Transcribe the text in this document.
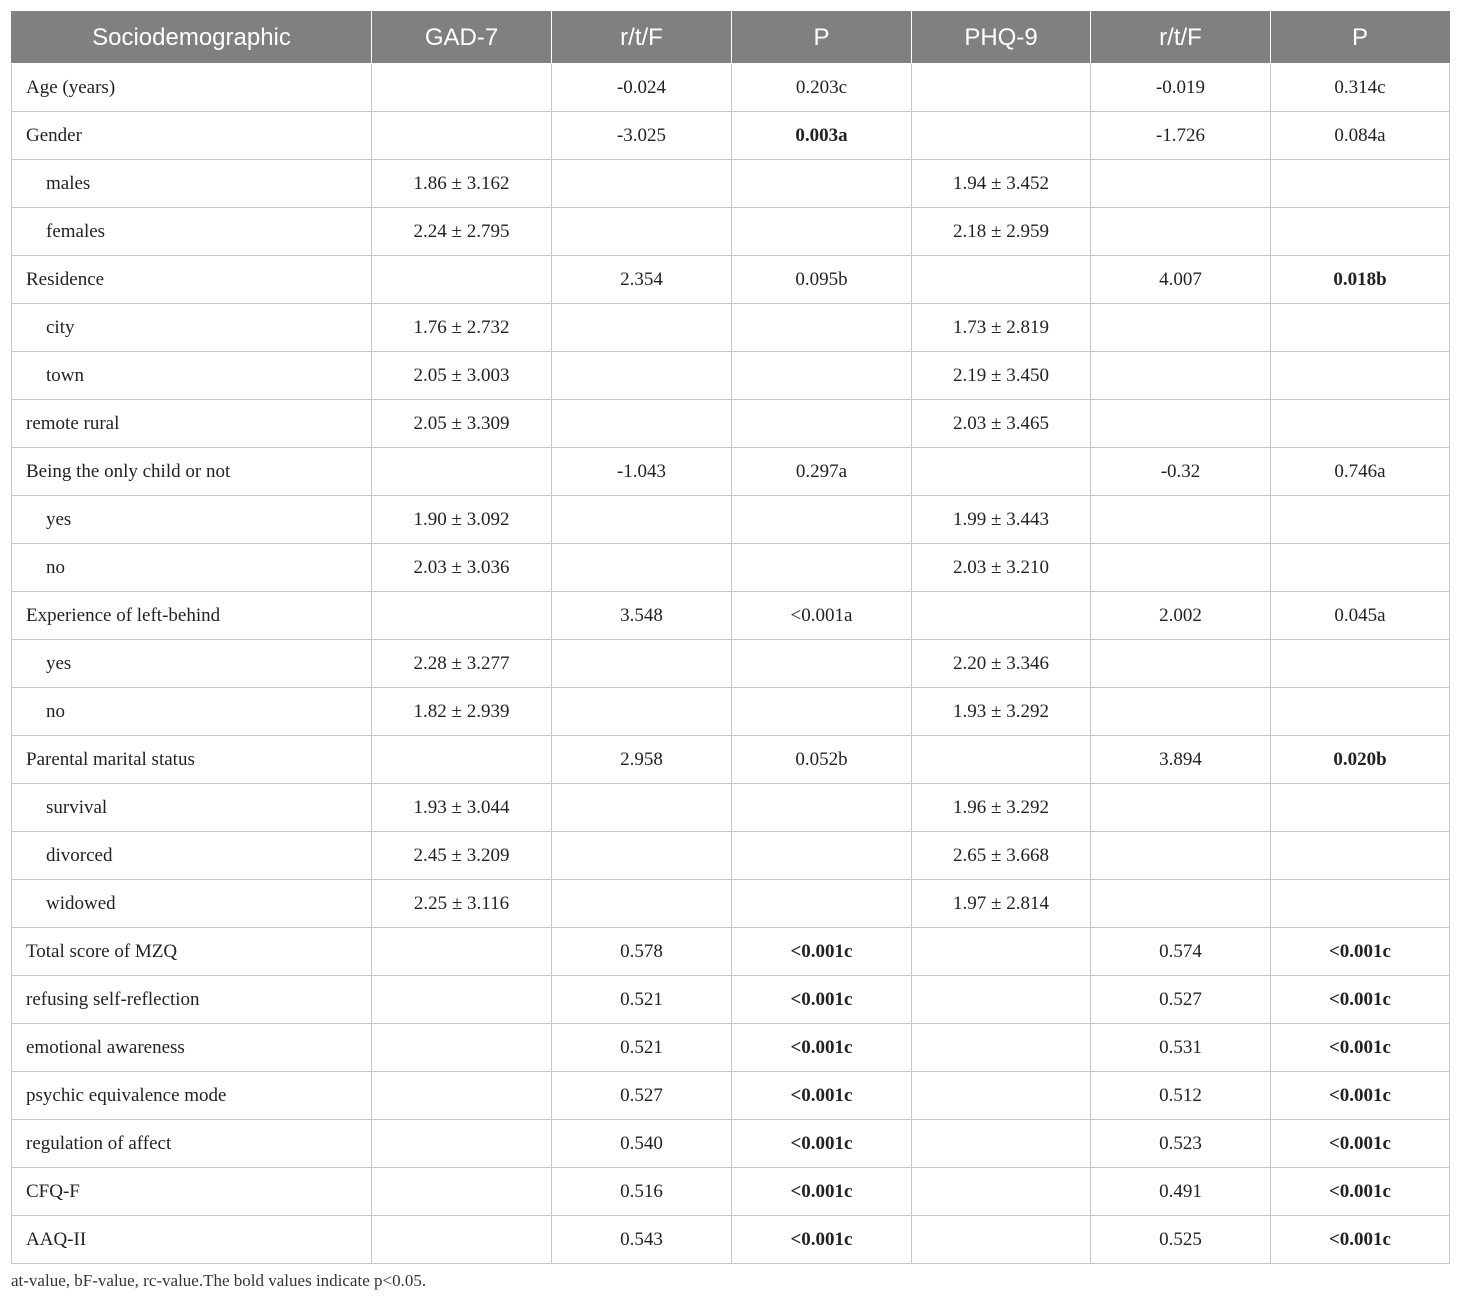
Sociodemographic	GAD-7	r/t/F	P	PHQ-9	r/t/F	P
Age (years)		-0.024	0.203c		-0.019	0.314c
Gender		-3.025	0.003a		-1.726	0.084a
males	1.86 ± 3.162			1.94 ± 3.452		
females	2.24 ± 2.795			2.18 ± 2.959		
Residence		2.354	0.095b		4.007	0.018b
city	1.76 ± 2.732			1.73 ± 2.819		
town	2.05 ± 3.003			2.19 ± 3.450		
remote rural	2.05 ± 3.309			2.03 ± 3.465		
Being the only child or not		-1.043	0.297a		-0.32	0.746a
yes	1.90 ± 3.092			1.99 ± 3.443		
no	2.03 ± 3.036			2.03 ± 3.210		
Experience of left-behind		3.548	<0.001a		2.002	0.045a
yes	2.28 ± 3.277			2.20 ± 3.346		
no	1.82 ± 2.939			1.93 ± 3.292		
Parental marital status		2.958	0.052b		3.894	0.020b
survival	1.93 ± 3.044			1.96 ± 3.292		
divorced	2.45 ± 3.209			2.65 ± 3.668		
widowed	2.25 ± 3.116			1.97 ± 2.814		
Total score of MZQ		0.578	<0.001c		0.574	<0.001c
refusing self-reflection		0.521	<0.001c		0.527	<0.001c
emotional awareness		0.521	<0.001c		0.531	<0.001c
psychic equivalence mode		0.527	<0.001c		0.512	<0.001c
regulation of affect		0.540	<0.001c		0.523	<0.001c
CFQ-F		0.516	<0.001c		0.491	<0.001c
AAQ-II		0.543	<0.001c		0.525	<0.001c
at-value, bF-value, rc-value.The bold values indicate p<0.05.
